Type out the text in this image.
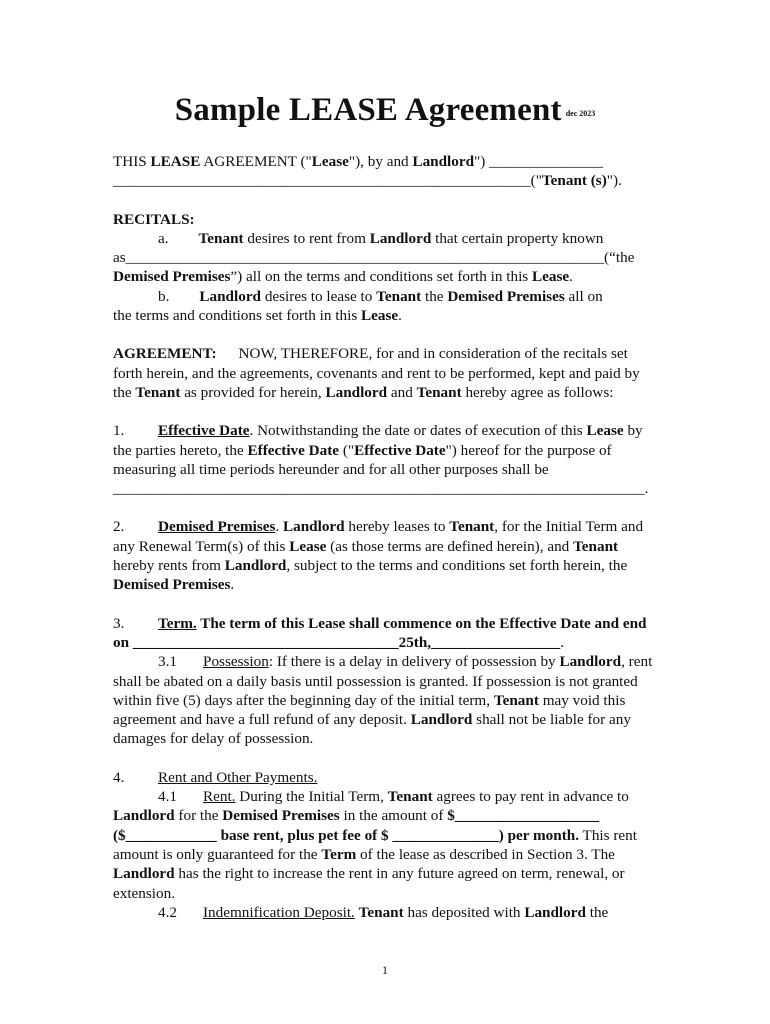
Sample LEASE Agreement $^{dec 2023}$

THIS LEASE AGREEMENT ("Lease"), by and Landlord") _______________
_______________________________________________________("Tenant (s)").

RECITALS:

a. Tenant desires to rent from Landlord that certain property known
as_______________________________________________________________(“the
Demised Premises”) all on the terms and conditions set forth in this Lease.

b. Landlord desires to lease to Tenant the Demised Premises all on
the terms and conditions set forth in this Lease.

AGREEMENT: NOW, THEREFORE, for and in consideration of the recitals set forth herein, and the agreements, covenants and rent to be performed, kept and paid by the Tenant as provided for herein, Landlord and Tenant hereby agree as follows:

1. Effective Date. Notwithstanding the date or dates of execution of this Lease by the parties hereto, the Effective Date ("Effective Date") hereof for the purpose of measuring all time periods hereunder and for all other purposes shall be
______________________________________________________________________.

2. Demised Premises. Landlord hereby leases to Tenant, for the Initial Term and any Renewal Term(s) of this Lease (as those terms are defined herein), and Tenant hereby rents from Landlord, subject to the terms and conditions set forth herein, the Demised Premises.

3. Term. The term of this Lease shall commence on the Effective Date and end on ___________________________________25th,_________________.

3.1 Possession: If there is a delay in delivery of possession by Landlord, rent shall be abated on a daily basis until possession is granted. If possession is not granted within five (5) days after the beginning day of the initial term, Tenant may void this agreement and have a full refund of any deposit. Landlord shall not be liable for any damages for delay of possession.

4. Rent and Other Payments.

4.1 Rent. During the Initial Term, Tenant agrees to pay rent in advance to Landlord for the Demised Premises in the amount of $___________________ ($____________ base rent, plus pet fee of $ ______________) per month. This rent amount is only guaranteed for the Term of the lease as described in Section 3. The Landlord has the right to increase the rent in any future agreed on term, renewal, or extension.

4.2 Indemnification Deposit. Tenant has deposited with Landlord the

1
